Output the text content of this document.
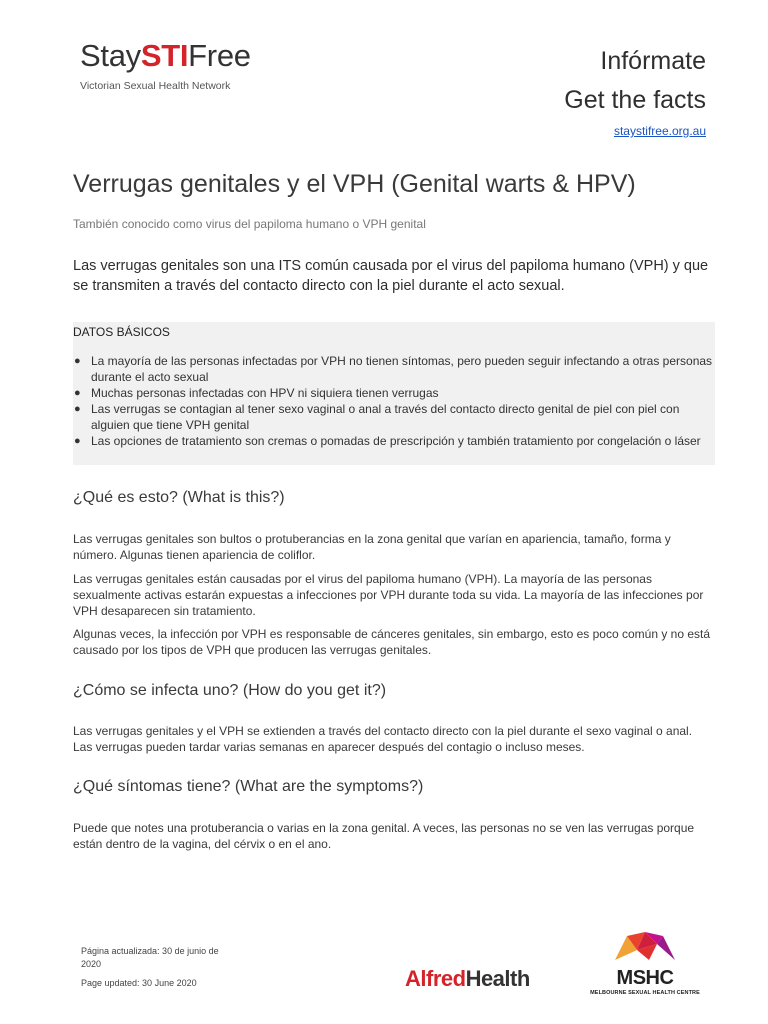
StaySTIFree
Victorian Sexual Health Network
Infórmate
Get the facts
staystifree.org.au
Verrugas genitales y el VPH (Genital warts & HPV)
También conocido como virus del papiloma humano o VPH genital
Las verrugas genitales son una ITS común causada por el virus del papiloma humano (VPH) y que se transmiten a través del contacto directo con la piel durante el acto sexual.
DATOS BÁSICOS
● La mayoría de las personas infectadas por VPH no tienen síntomas, pero pueden seguir infectando a otras personas durante el acto sexual
● Muchas personas infectadas con HPV ni siquiera tienen verrugas
● Las verrugas se contagian al tener sexo vaginal o anal a través del contacto directo genital de piel con piel con alguien que tiene VPH genital
● Las opciones de tratamiento son cremas o pomadas de prescripción y también tratamiento por congelación o láser
¿Qué es esto? (What is this?)
Las verrugas genitales son bultos o protuberancias en la zona genital que varían en apariencia, tamaño, forma y número. Algunas tienen apariencia de coliflor.
Las verrugas genitales están causadas por el virus del papiloma humano (VPH). La mayoría de las personas sexualmente activas estarán expuestas a infecciones por VPH durante toda su vida. La mayoría de las infecciones por VPH desaparecen sin tratamiento.
Algunas veces, la infección por VPH es responsable de cánceres genitales, sin embargo, esto es poco común y no está causado por los tipos de VPH que producen las verrugas genitales.
¿Cómo se infecta uno? (How do you get it?)
Las verrugas genitales y el VPH se extienden a través del contacto directo con la piel durante el sexo vaginal o anal. Las verrugas pueden tardar varias semanas en aparecer después del contagio o incluso meses.
¿Qué síntomas tiene? (What are the symptoms?)
Puede que notes una protuberancia o varias en la zona genital. A veces, las personas no se ven las verrugas porque están dentro de la vagina, del cérvix o en el ano.
Página actualizada: 30 de junio de 2020
Page updated: 30 June 2020	AlfredHealth	MSHC
MELBOURNE SEXUAL HEALTH CENTRE
